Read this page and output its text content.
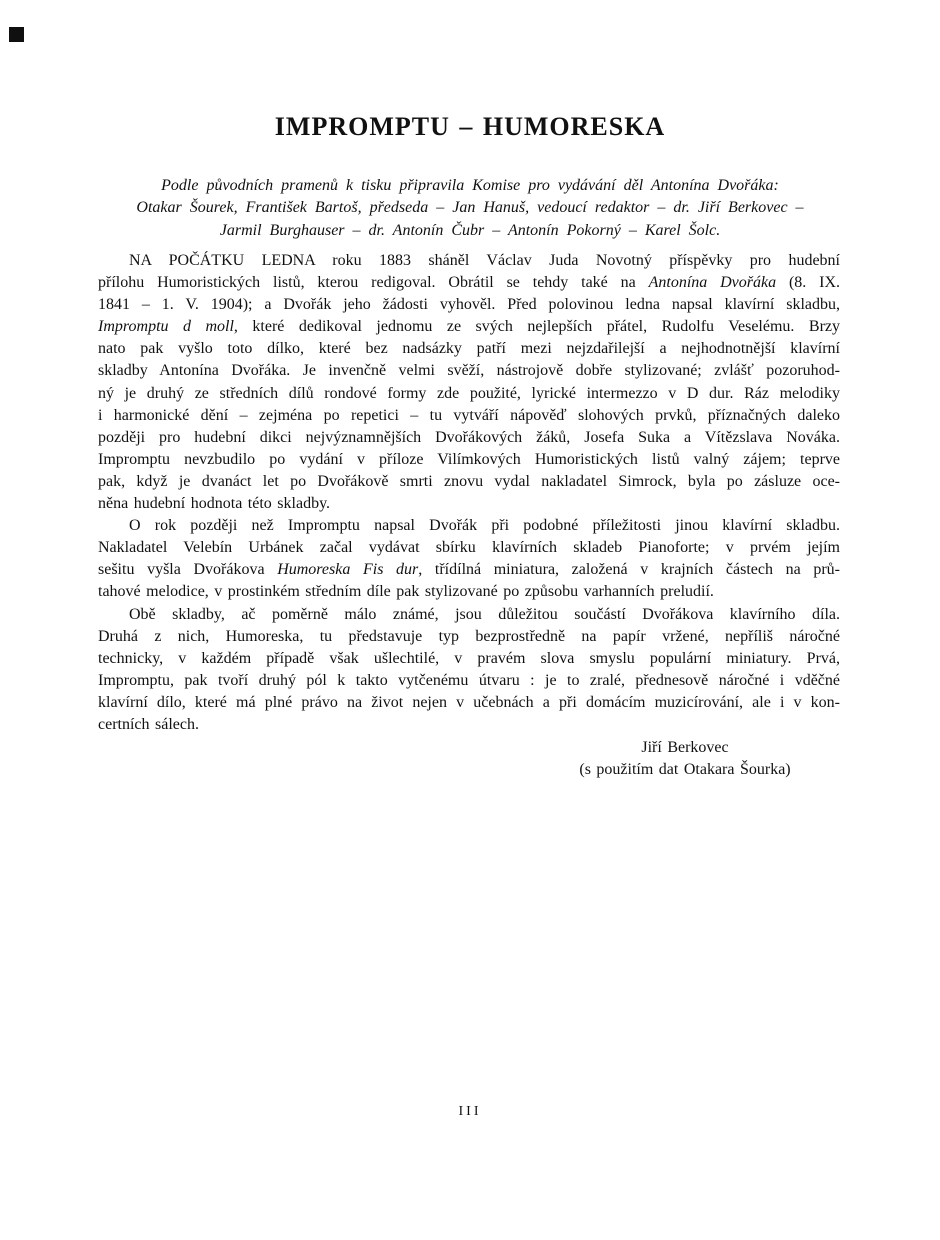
IMPROMPTU – HUMORESKA
Podle původních pramenů k tisku připravila Komise pro vydávání děl Antonína Dvořáka:
Otakar Šourek, František Bartoš, předseda – Jan Hanuš, vedoucí redaktor – dr. Jiří Berkovec –
Jarmil Burghauser – dr. Antonín Čubr – Antonín Pokorný – Karel Šolc.
NA POČÁTKU LEDNA roku 1883 sháněl Václav Juda Novotný příspěvky pro hudební
přílohu Humoristických listů, kterou redigoval. Obrátil se tehdy také na Antonína Dvořáka (8. IX.
1841 – 1. V. 1904); a Dvořák jeho žádosti vyhověl. Před polovinou ledna napsal klavírní skladbu,
Impromptu d moll, které dedikoval jednomu ze svých nejlepších přátel, Rudolfu Veselému. Brzy
nato pak vyšlo toto dílko, které bez nadsázky patří mezi nejzdařilejší a nejhodnotnější klavírní
skladby Antonína Dvořáka. Je invenčně velmi svěží, nástrojově dobře stylizované; zvlášť pozoruhod-
ný je druhý ze středních dílů rondové formy zde použité, lyrické intermezzo v D dur. Ráz melodiky
i harmonické dění – zejména po repetici – tu vytváří nápověď slohových prvků, příznačných daleko
později pro hudební dikci nejvýznamnějších Dvořákových žáků, Josefa Suka a Vítězslava Nováka.
Impromptu nevzbudilo po vydání v příloze Vilímkových Humoristických listů valný zájem; teprve
pak, když je dvanáct let po Dvořákově smrti znovu vydal nakladatel Simrock, byla po zásluze oce-
něna hudební hodnota této skladby.
O rok později než Impromptu napsal Dvořák při podobné příležitosti jinou klavírní skladbu.
Nakladatel Velebín Urbánek začal vydávat sbírku klavírních skladeb Pianoforte; v prvém jejím
sešitu vyšla Dvořákova Humoreska Fis dur, třídílná miniatura, založená v krajních částech na prů-
tahové melodice, v prostinkém středním díle pak stylizované po způsobu varhanních preludií.
Obě skladby, ač poměrně málo známé, jsou důležitou součástí Dvořákova klavírního díla.
Druhá z nich, Humoreska, tu představuje typ bezprostředně na papír vržené, nepříliš náročné
technicky, v každém případě však ušlechtilé, v pravém slova smyslu populární miniatury. Prvá,
Impromptu, pak tvoří druhý pól k takto vytčenému útvaru : je to zralé, přednesově náročné i vděčné
klavírní dílo, které má plné právo na život nejen v učebnách a při domácím muzicírování, ale i v kon-
certních sálech.
Jiří Berkovec
(s použitím dat Otakara Šourka)
III
